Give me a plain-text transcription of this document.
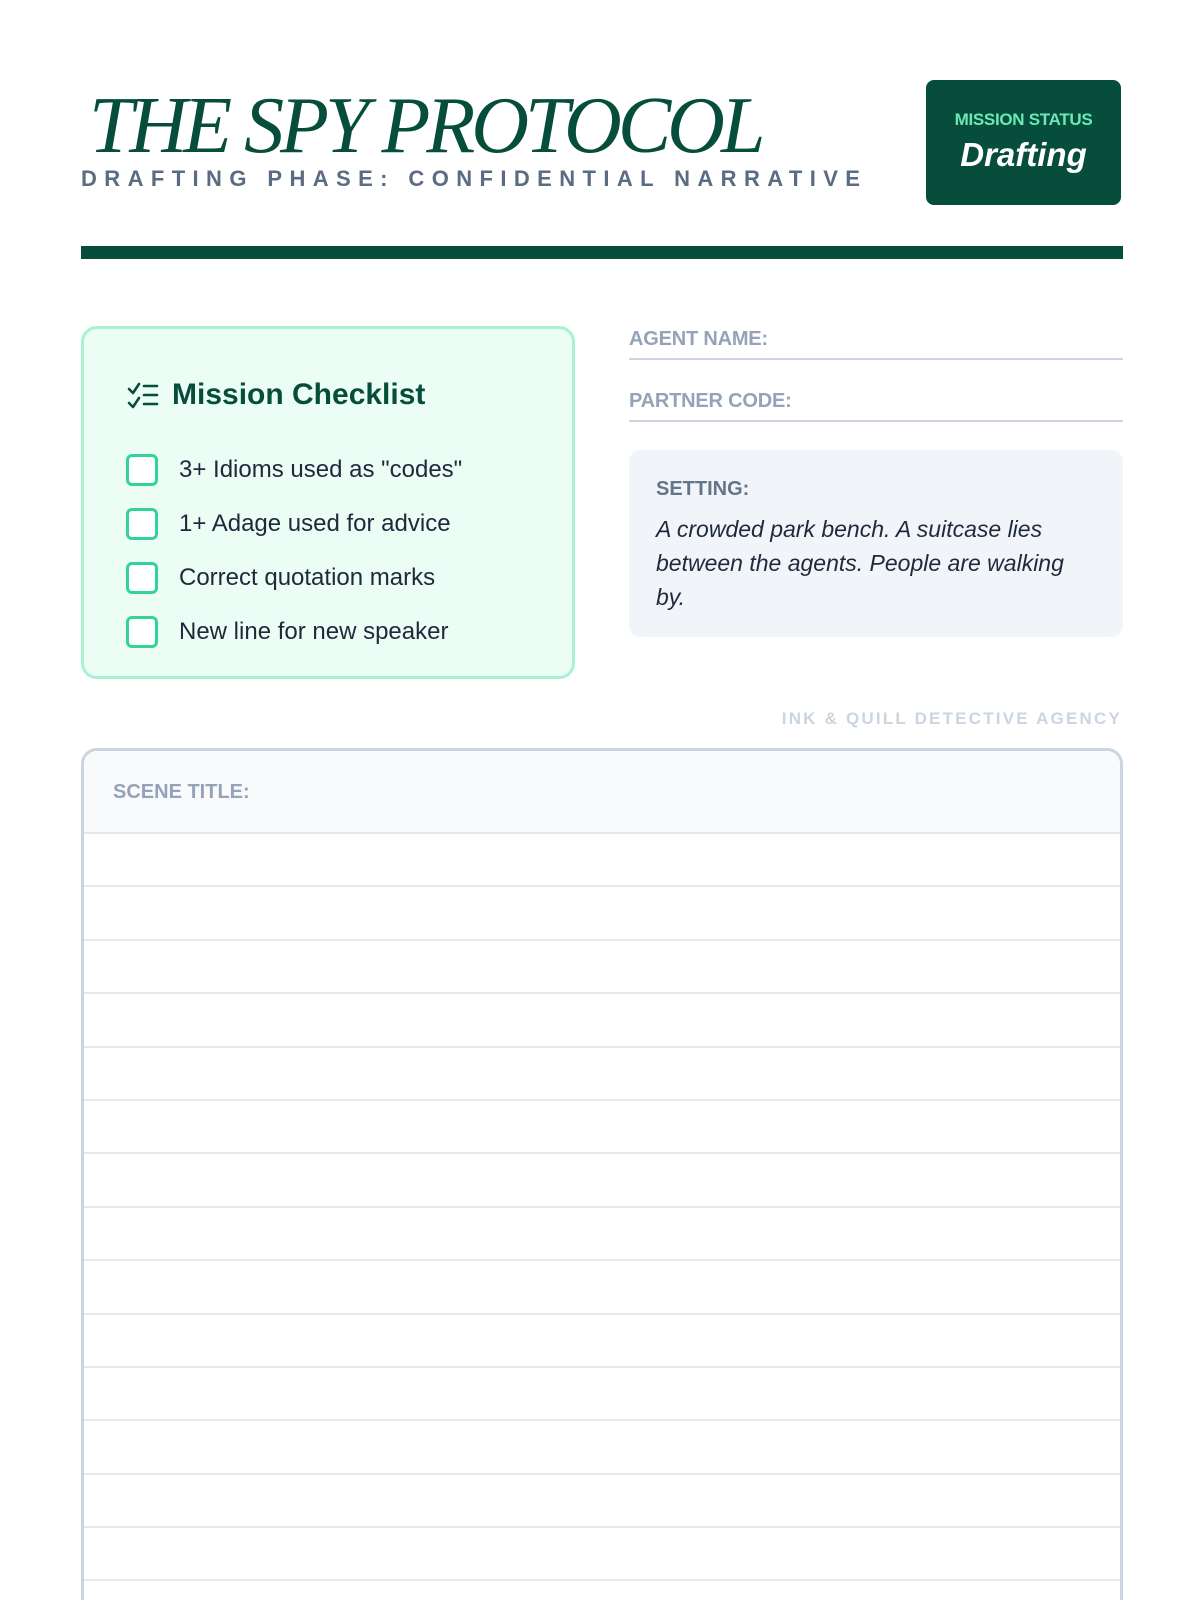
THE SPY PROTOCOL
DRAFTING PHASE: CONFIDENTIAL NARRATIVE
MISSION STATUS
Drafting
Mission Checklist
3+ Idioms used as "codes"
1+ Adage used for advice
Correct quotation marks
New line for new speaker
AGENT NAME:
PARTNER CODE:
SETTING:
A crowded park bench. A suitcase lies between the agents. People are walking by.
INK & QUILL DETECTIVE AGENCY
SCENE TITLE:
